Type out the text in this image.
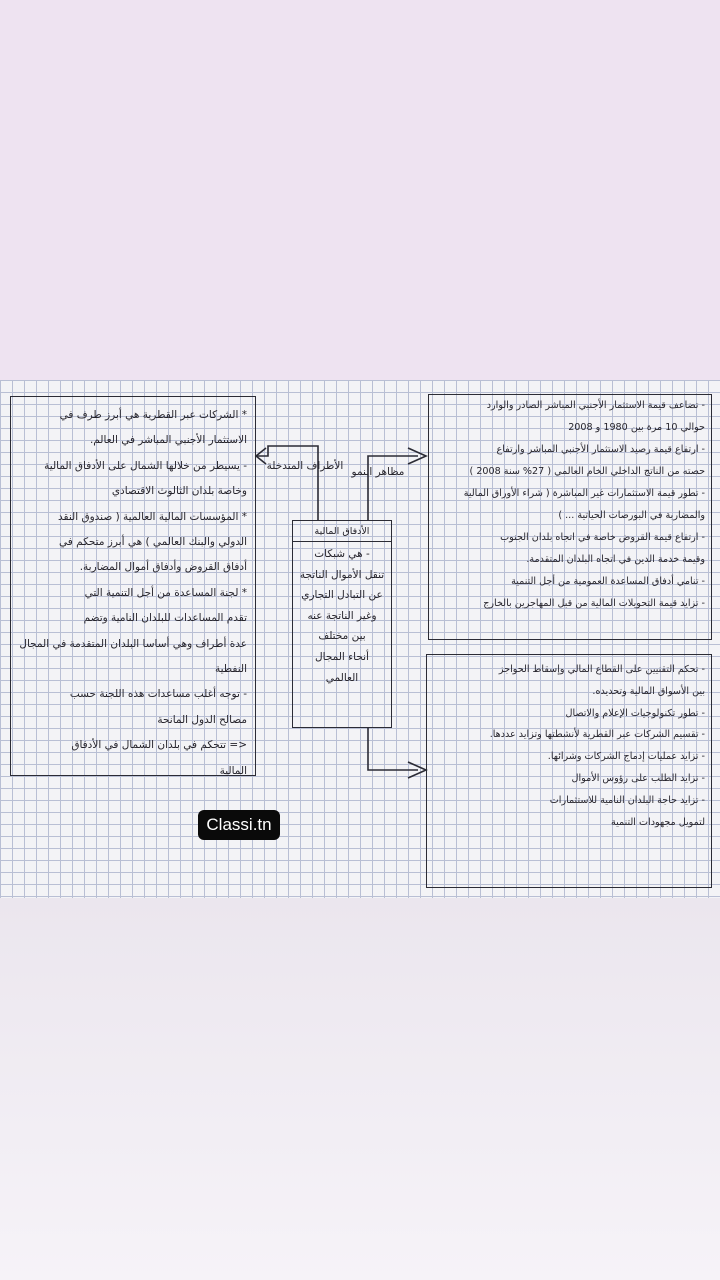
* الشركات عبر القطرية هي أبرز طرف في
الاستثمار الأجنبي المباشر في العالم.
- يسيطر من خلالها الشمال على الأدفاق المالية
وخاصة بلدان الثالوث الاقتصادي
* المؤسسات المالية العالمية ( صندوق النقد
الدولي والبنك العالمي ) هي أبرز متحكم في
أدفاق القروض وأدفاق أموال المضاربة.
* لجنة المساعدة من أجل التنمية التي
تقدم المساعدات للبلدان النامية وتضم
عدة أطراف وهي أساسا البلدان المتقدمة في المجال
النفطية
- توجه أغلب مساعدات هذه اللجنة حسب
مصالح الدول المانحة
<= تتحكم في بلدان الشمال في الأدفاق
المالية
الأدفاق المالية
- هي شبكات
تنقل الأموال الناتجة
عن التبادل التجاري
وغير الناتجة عنه
بين مختلف
أنحاء المجال
العالمي
- تضاعف قيمة الاستثمار الأجنبي المباشر الصادر والوارد
حوالي 10 مرة بين 1980 و 2008
- ارتفاع قيمة رصيد الاستثمار الأجنبي المباشر وارتفاع
حصته من الناتج الداخلي الخام العالمي ( 27% سنة 2008 )
- تطور قيمة الاستثمارات غير المباشرة ( شراء الأوراق المالية
والمضاربة في البورصات الحياتية ... )
- ارتفاع قيمة القروض خاصة في اتجاه بلدان الجنوب
وقيمة خدمة الدين في اتجاه البلدان المتقدمة.
- تنامي أدفاق المساعدة العمومية من أجل التنمية
- تزايد قيمة التحويلات المالية من قبل المهاجرين بالخارج
- تحكم التقنيين على القطاع المالي وإسقاط الحواجز
بين الأسواق المالية وتحديده.
- تطور تكنولوجيات الإعلام والاتصال
- تقسيم الشركات عبر القطرية لأنشطتها وتزايد عددها.
- تزايد عمليات إدماج الشركات وشرائها.
- تزايد الطلب على رؤوس الأموال
- تزايد حاجة البلدان النامية للاستثمارات
لتمويل مجهودات التنمية
الأطراف المتدخلة مظاهر النمو
Classi.tn
